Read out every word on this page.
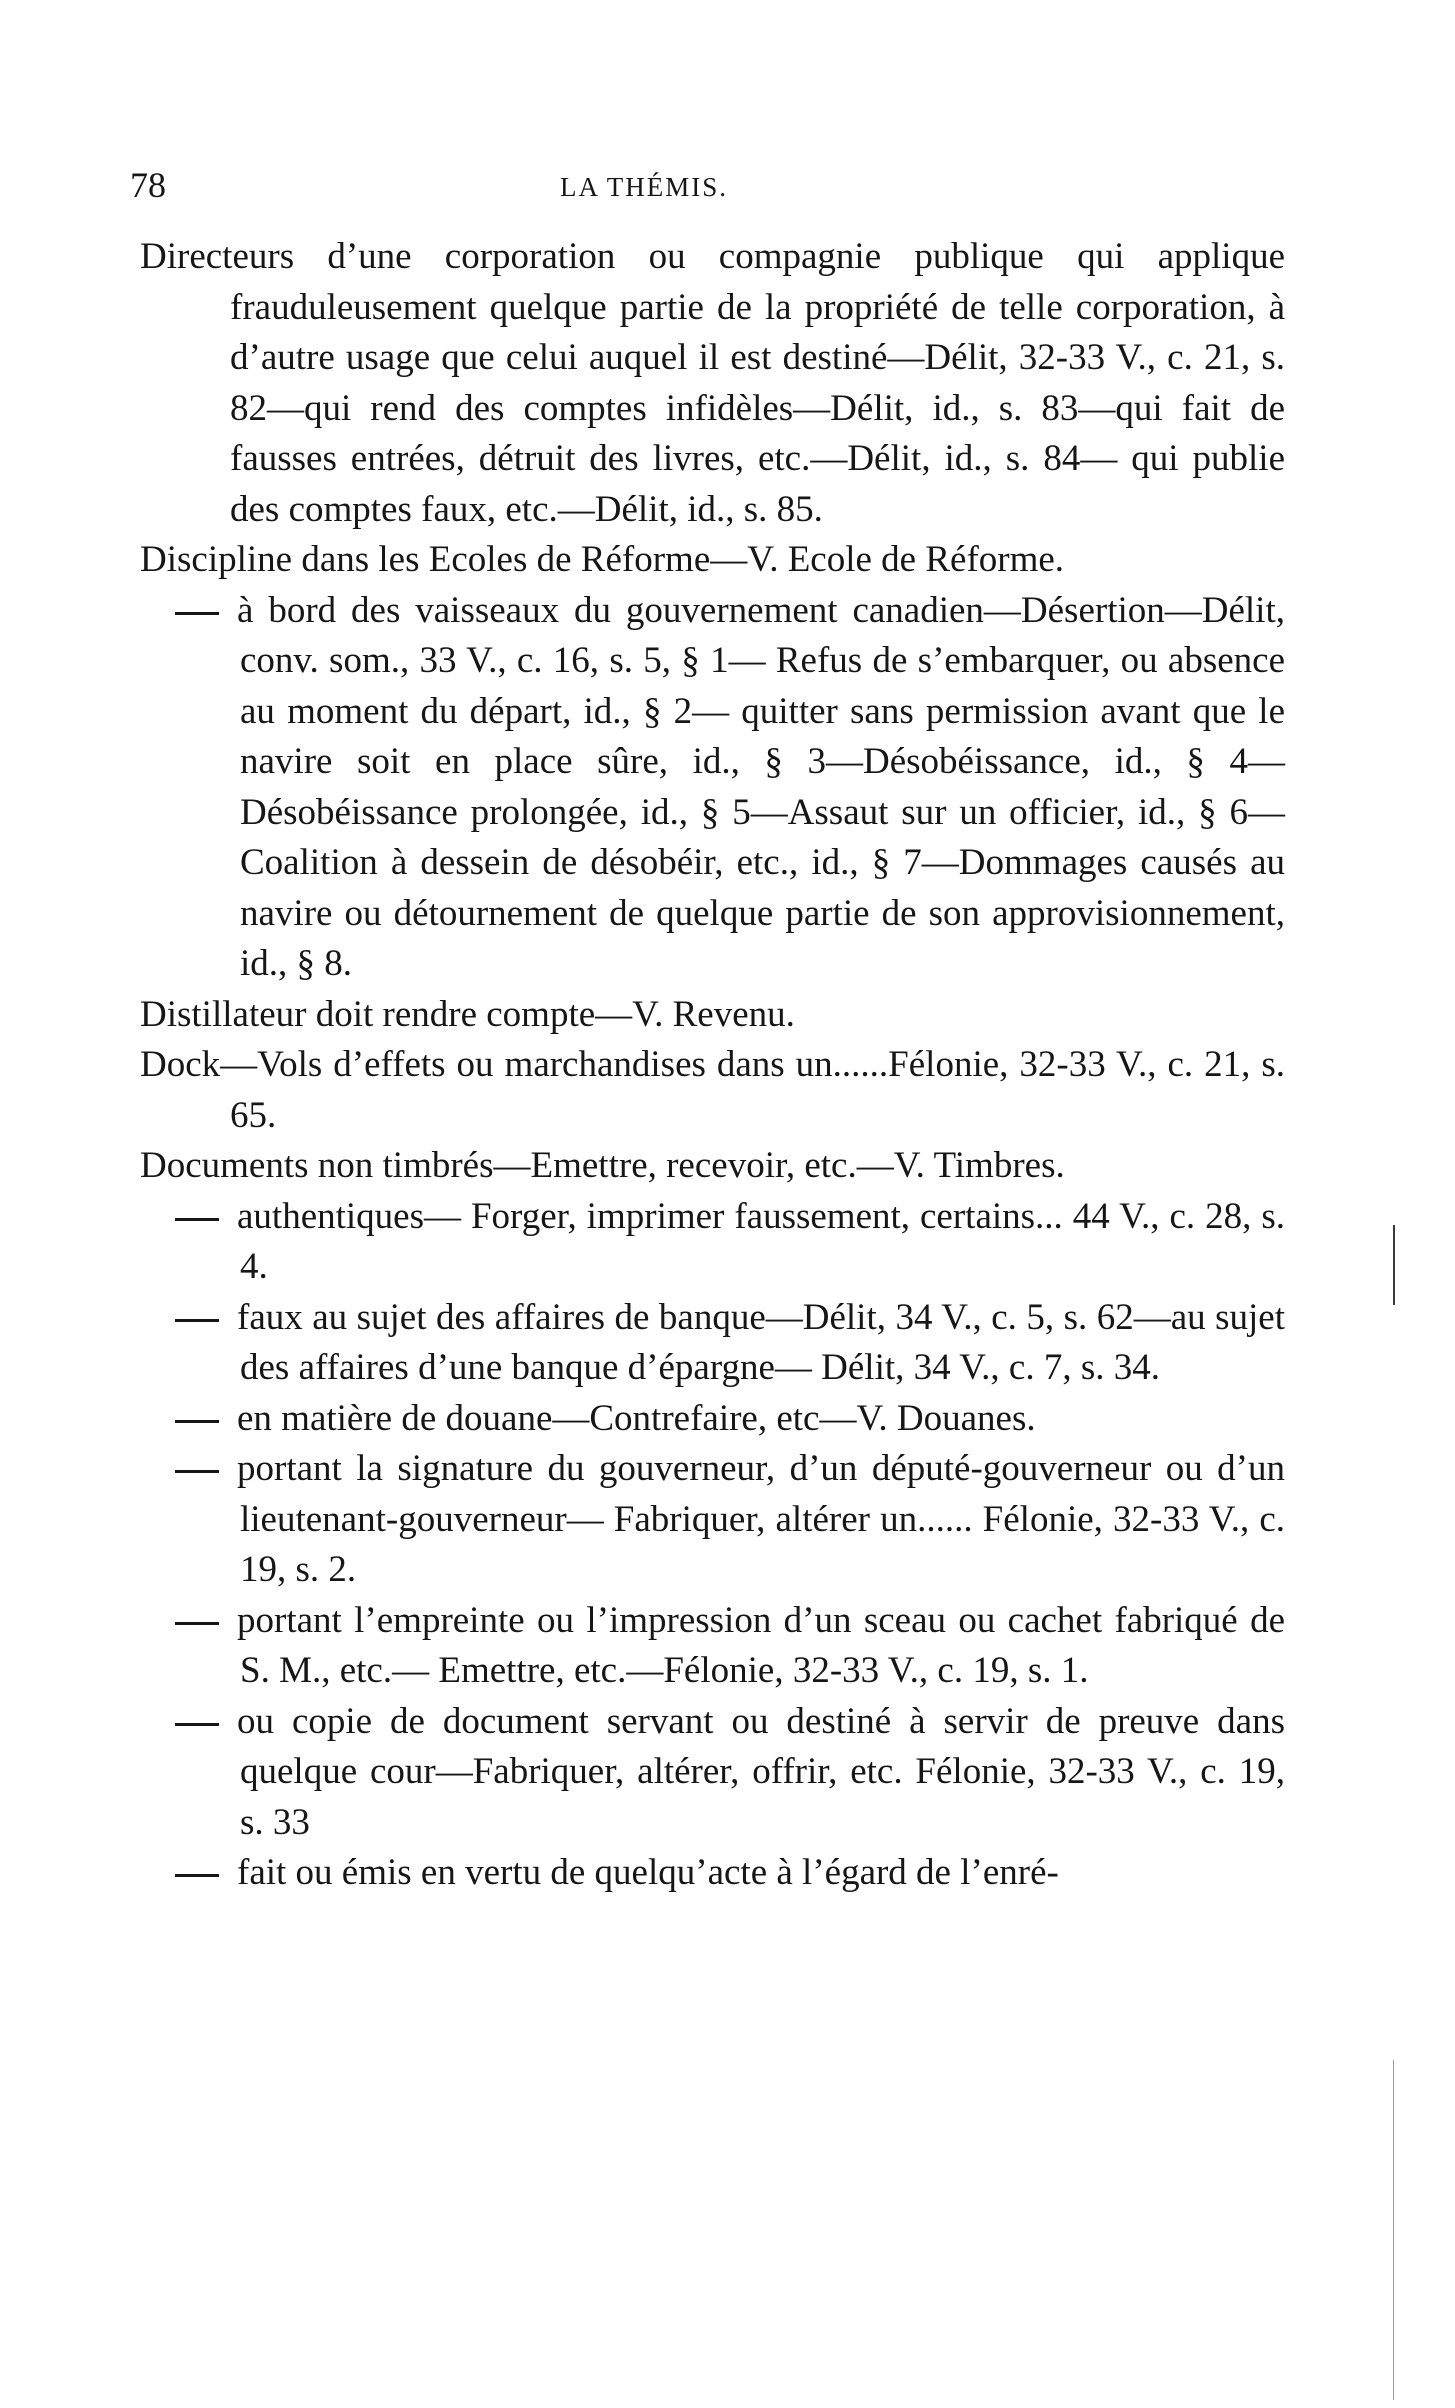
78	LA THÉMIS.

Directeurs d’une corporation ou compagnie publique qui applique frauduleusement quelque partie de la propriété de telle corporation, à d’autre usage que celui auquel il est destiné—Délit, 32-33 V., c. 21, s. 82—qui rend des comptes infidèles—Délit, id., s. 83—qui fait de fausses entrées, détruit des livres, etc.—Délit, id., s. 84— qui publie des comptes faux, etc.—Délit, id., s. 85.

Discipline dans les Ecoles de Réforme—V. Ecole de Réforme.

à bord des vaisseaux du gouvernement canadien—Désertion—Délit, conv. som., 33 V., c. 16, s. 5, § 1— Refus de s’embarquer, ou absence au moment du départ, id., § 2— quitter sans permission avant que le navire soit en place sûre, id., § 3—Désobéissance, id., § 4—Désobéissance prolongée, id., § 5—Assaut sur un officier, id., § 6—Coalition à dessein de désobéir, etc., id., § 7—Dommages causés au navire ou détournement de quelque partie de son approvisionnement, id., § 8.

Distillateur doit rendre compte—V. Revenu.

Dock—Vols d’effets ou marchandises dans un......Félonie, 32-33 V., c. 21, s. 65.

Documents non timbrés—Emettre, recevoir, etc.—V. Timbres.

authentiques— Forger, imprimer faussement, certains... 44 V., c. 28, s. 4.

faux au sujet des affaires de banque—Délit, 34 V., c. 5, s. 62—au sujet des affaires d’une banque d’épargne— Délit, 34 V., c. 7, s. 34.

en matière de douane—Contrefaire, etc—V. Douanes.

portant la signature du gouverneur, d’un député-gouverneur ou d’un lieutenant-gouverneur— Fabriquer, altérer un...... Félonie, 32-33 V., c. 19, s. 2.

portant l’empreinte ou l’impression d’un sceau ou cachet fabriqué de S. M., etc.— Emettre, etc.—Félonie, 32-33 V., c. 19, s. 1.

ou copie de document servant ou destiné à servir de preuve dans quelque cour—Fabriquer, altérer, offrir, etc. Félonie, 32-33 V., c. 19, s. 33

fait ou émis en vertu de quelqu’acte à l’égard de l’enré-
